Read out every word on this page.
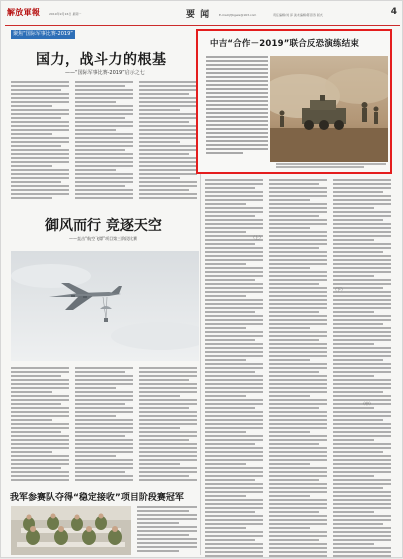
解放軍報	2019年9月16日 星期一	要 闻	E-mail:jfjbgwe@163.com	责任编辑/刘 泽 美术编辑/陈思涛 版式	4
聚焦“国际军事比赛-2019”
国力，战斗力的根基
——“国际军事比赛-2019”启示之七
御风而行 竞逐天空
——直击“航空飞镖”项目第三阶段比赛
我军参赛队夺得“稳定接收”项目阶段赛冠军
中吉“合作－2019”联合反恐演练结束
（上）
（下）
（中）
